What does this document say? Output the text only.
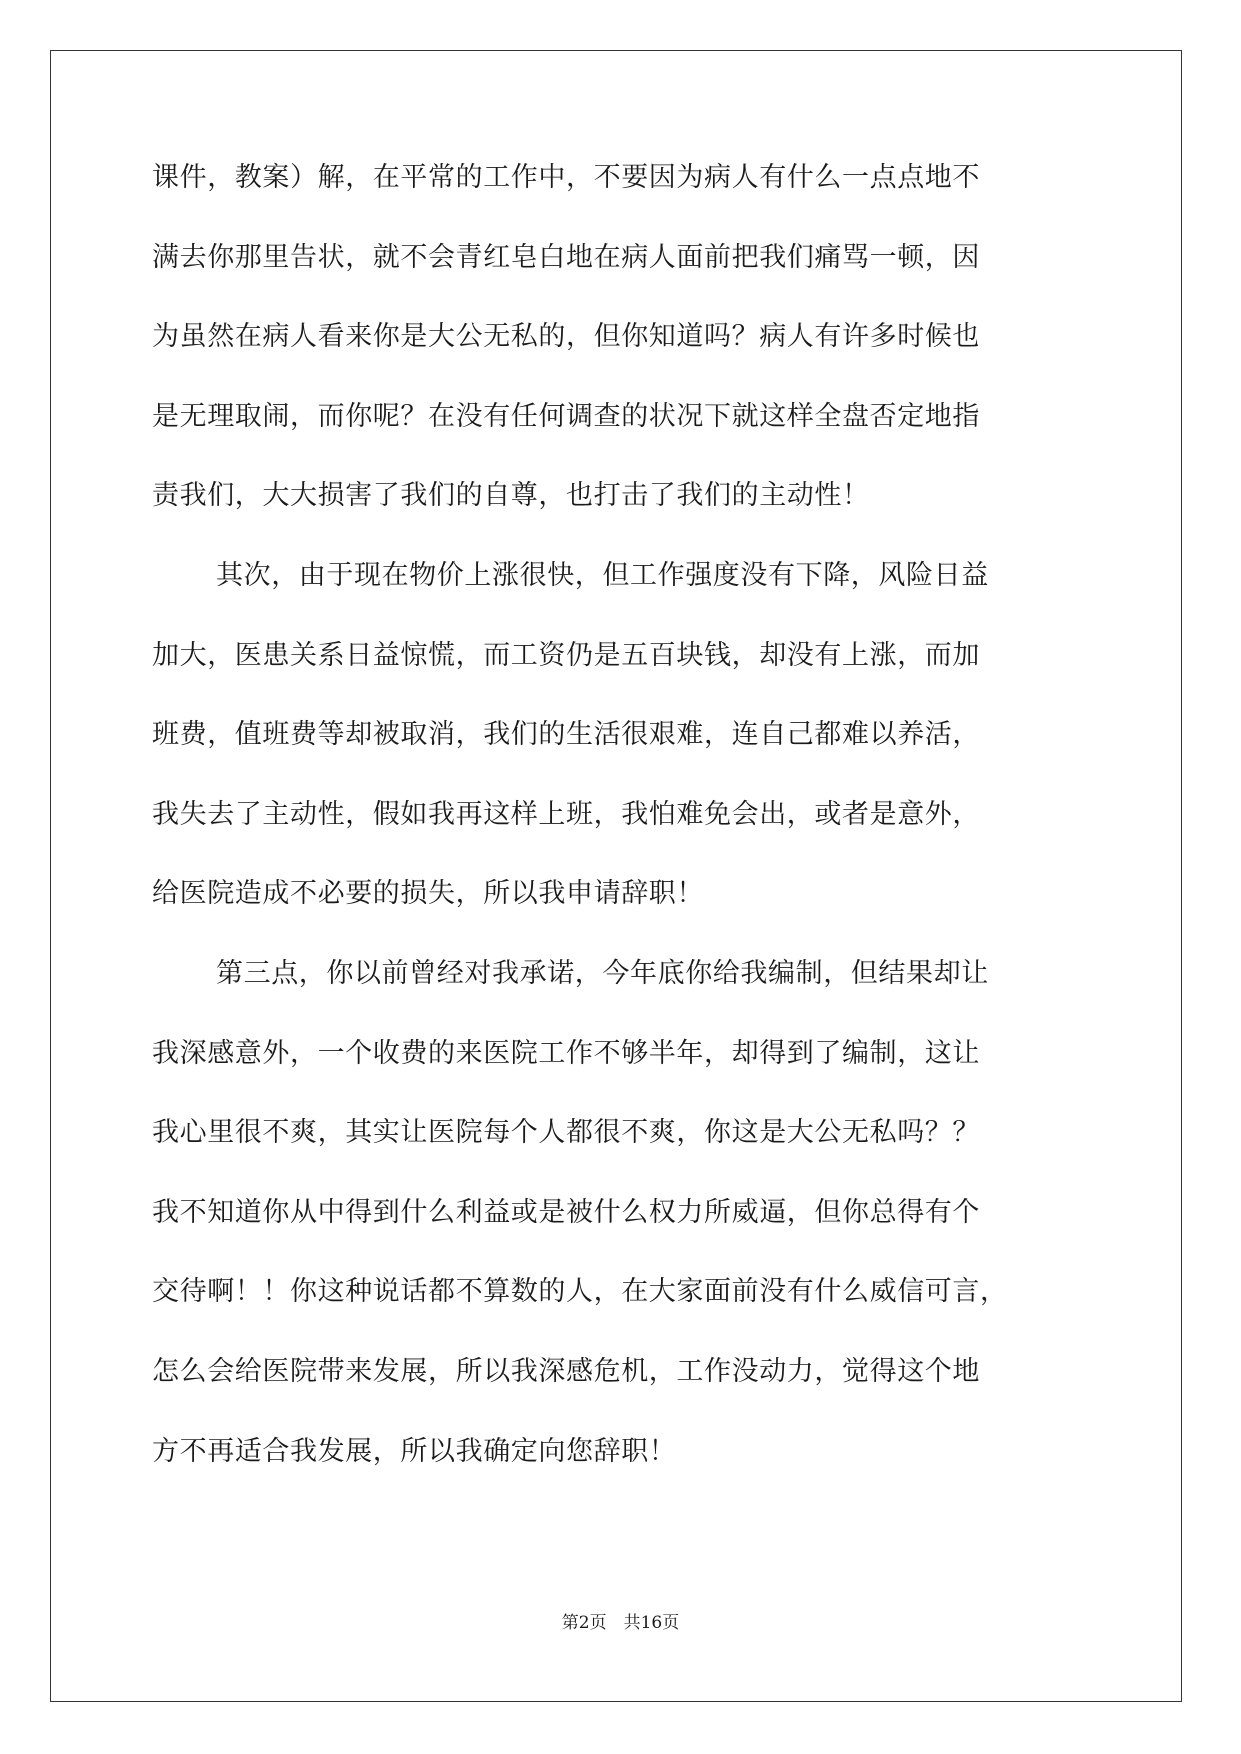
课件，教案）解，在平常的工作中，不要因为病人有什么一点点地不
满去你那里告状，就不会青红皂白地在病人面前把我们痛骂一顿，因
为虽然在病人看来你是大公无私的，但你知道吗？病人有许多时候也
是无理取闹，而你呢？在没有任何调查的状况下就这样全盘否定地指
责我们，大大损害了我们的自尊，也打击了我们的主动性！
其次，由于现在物价上涨很快，但工作强度没有下降，风险日益
加大，医患关系日益惊慌，而工资仍是五百块钱，却没有上涨，而加
班费，值班费等却被取消，我们的生活很艰难，连自己都难以养活，
我失去了主动性，假如我再这样上班，我怕难免会出，或者是意外，
给医院造成不必要的损失，所以我申请辞职！
第三点，你以前曾经对我承诺，今年底你给我编制，但结果却让
我深感意外，一个收费的来医院工作不够半年，却得到了编制，这让
我心里很不爽，其实让医院每个人都很不爽，你这是大公无私吗？？
我不知道你从中得到什么利益或是被什么权力所威逼，但你总得有个
交待啊！！你这种说话都不算数的人，在大家面前没有什么威信可言，
怎么会给医院带来发展，所以我深感危机，工作没动力，觉得这个地
方不再适合我发展，所以我确定向您辞职！
第2页　共16页
